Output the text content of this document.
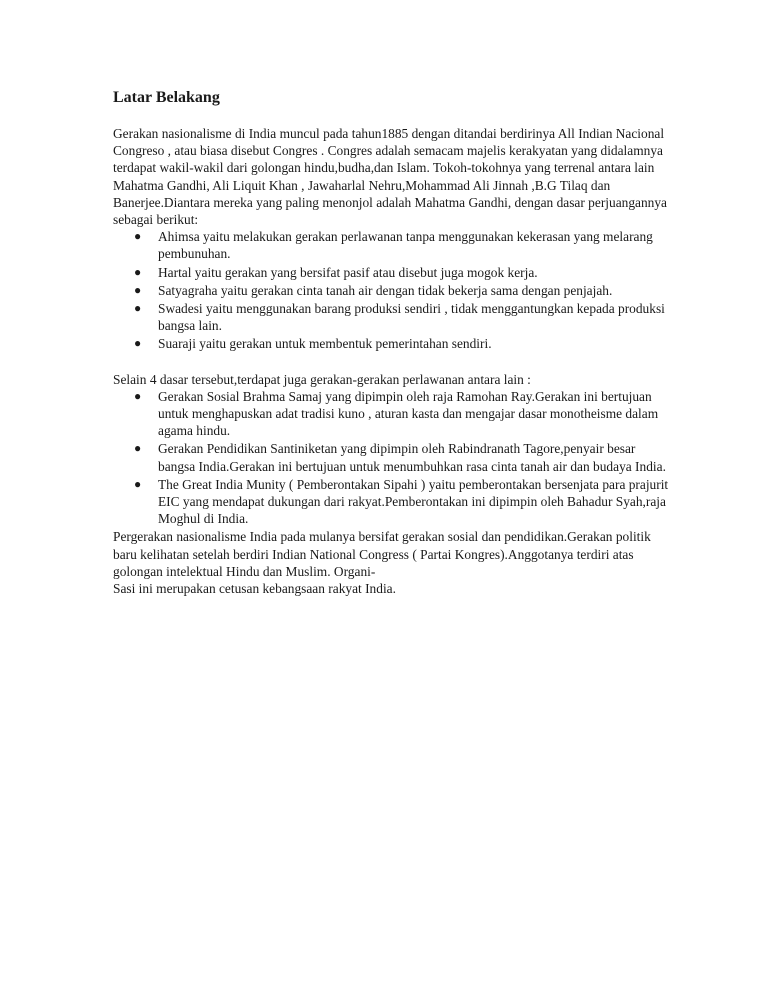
Latar Belakang

Gerakan nasionalisme di India muncul pada tahun1885 dengan ditandai berdirinya All Indian Nacional Congreso , atau biasa disebut Congres . Congres adalah semacam majelis kerakyatan yang didalamnya terdapat wakil-wakil dari golongan hindu,budha,dan Islam. Tokoh-tokohnya yang terrenal antara lain Mahatma Gandhi, Ali Liquit Khan , Jawaharlal Nehru,Mohammad Ali Jinnah ,B.G Tilaq dan Banerjee.Diantara mereka yang paling menonjol adalah Mahatma Gandhi, dengan dasar perjuangannya sebagai berikut:

● Ahimsa yaitu melakukan gerakan perlawanan tanpa menggunakan kekerasan yang melarang pembunuhan.
● Hartal yaitu gerakan yang bersifat pasif atau disebut juga mogok kerja.
● Satyagraha yaitu gerakan cinta tanah air dengan tidak bekerja sama dengan penjajah.
● Swadesi yaitu menggunakan barang produksi sendiri , tidak menggantungkan kepada produksi bangsa lain.
● Suaraji yaitu gerakan untuk membentuk pemerintahan sendiri.

Selain 4 dasar tersebut,terdapat juga gerakan-gerakan perlawanan antara lain :

● Gerakan Sosial Brahma Samaj yang dipimpin oleh raja Ramohan Ray.Gerakan ini bertujuan untuk menghapuskan adat tradisi kuno , aturan kasta dan mengajar dasar monotheisme dalam agama hindu.
● Gerakan Pendidikan Santiniketan yang dipimpin oleh Rabindranath Tagore,penyair besar bangsa India.Gerakan ini bertujuan untuk menumbuhkan rasa cinta tanah air dan budaya India.
● The Great India Munity ( Pemberontakan Sipahi ) yaitu pemberontakan bersenjata para prajurit EIC yang mendapat dukungan dari rakyat.Pemberontakan ini dipimpin oleh Bahadur Syah,raja Moghul di India.

Pergerakan nasionalisme India pada mulanya bersifat gerakan sosial dan pendidikan.Gerakan politik baru kelihatan setelah berdiri Indian National Congress ( Partai Kongres).Anggotanya terdiri atas golongan intelektual Hindu dan Muslim. Organi-

Sasi ini merupakan cetusan kebangsaan rakyat India.
